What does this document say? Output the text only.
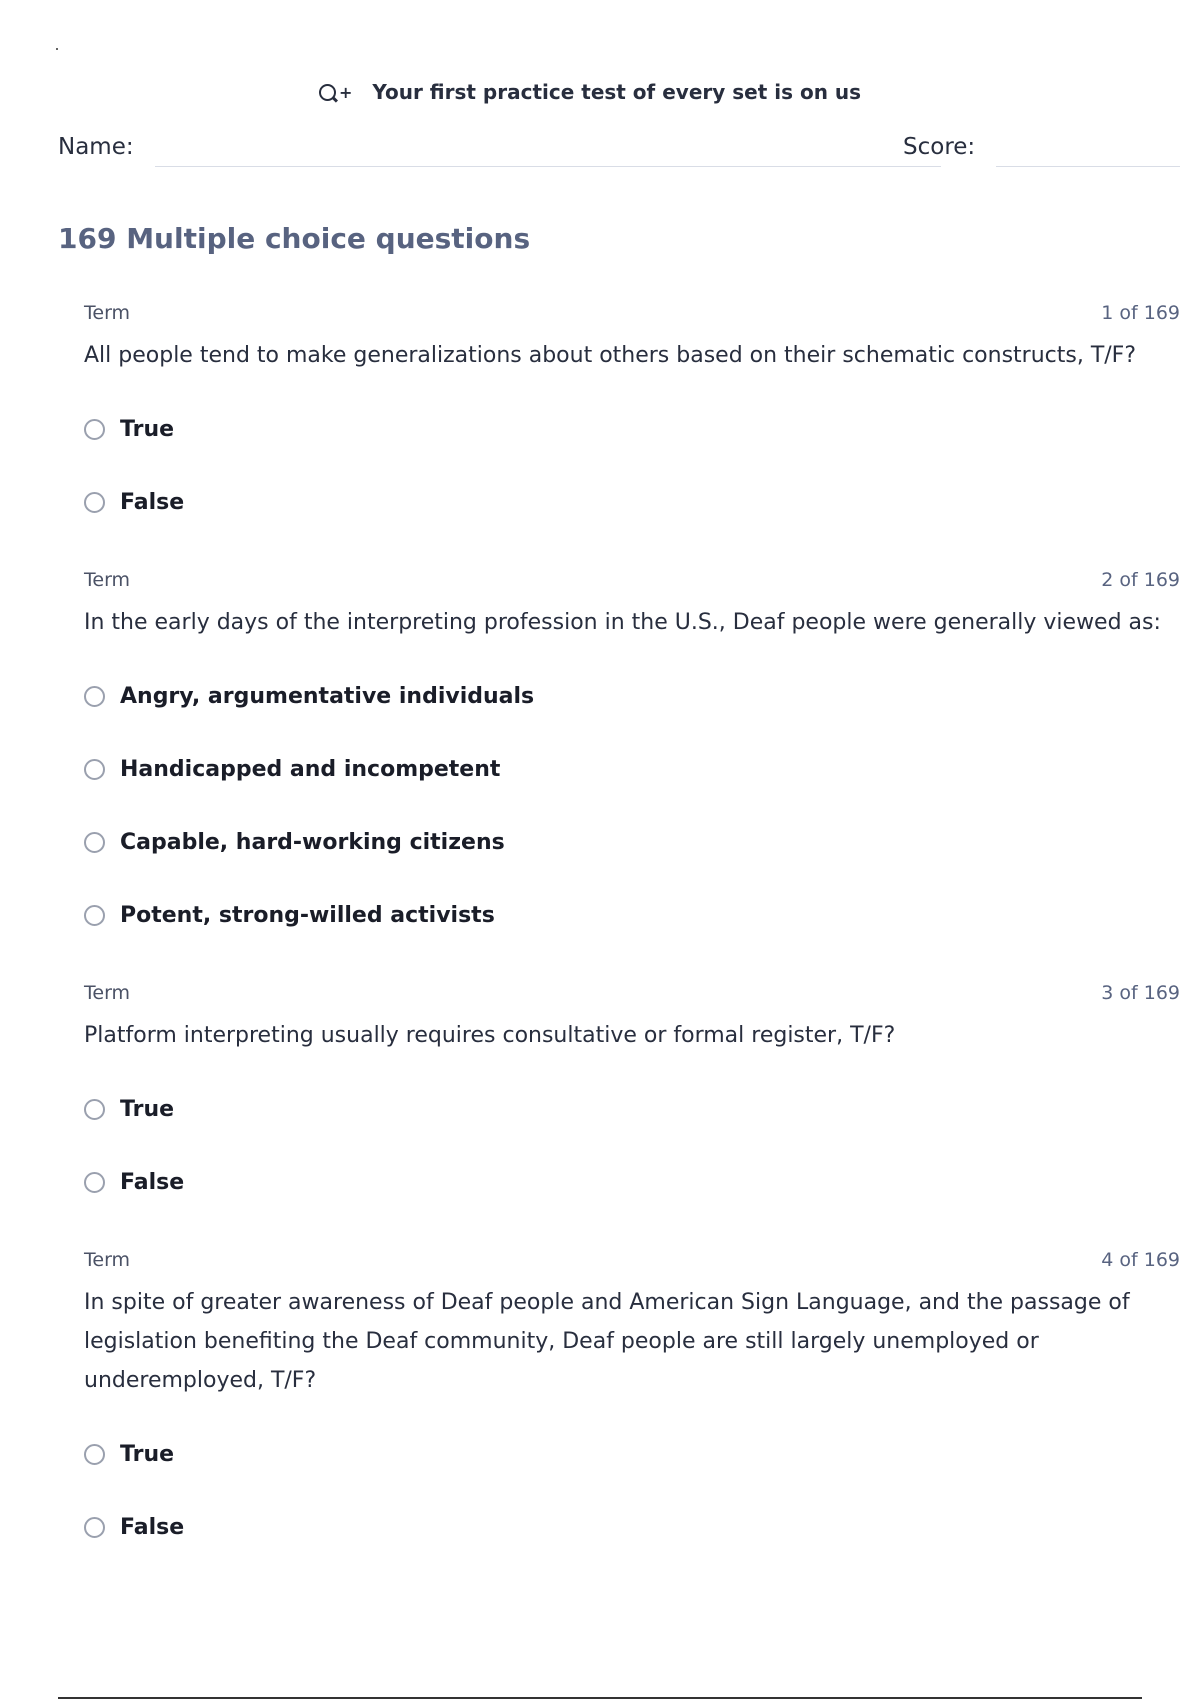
+ Your first practice test of every set is on us
Name:	Score:
169 Multiple choice questions
Term	1 of 169
All people tend to make generalizations about others based on their schematic constructs, T/F?
True
False
Term	2 of 169
In the early days of the interpreting profession in the U.S., Deaf people were generally viewed as:
Angry, argumentative individuals
Handicapped and incompetent
Capable, hard-working citizens
Potent, strong-willed activists
Term	3 of 169
Platform interpreting usually requires consultative or formal register, T/F?
True
False
Term	4 of 169
In spite of greater awareness of Deaf people and American Sign Language, and the passage of legislation benefiting the Deaf community, Deaf people are still largely unemployed or underemployed, T/F?
True
False
